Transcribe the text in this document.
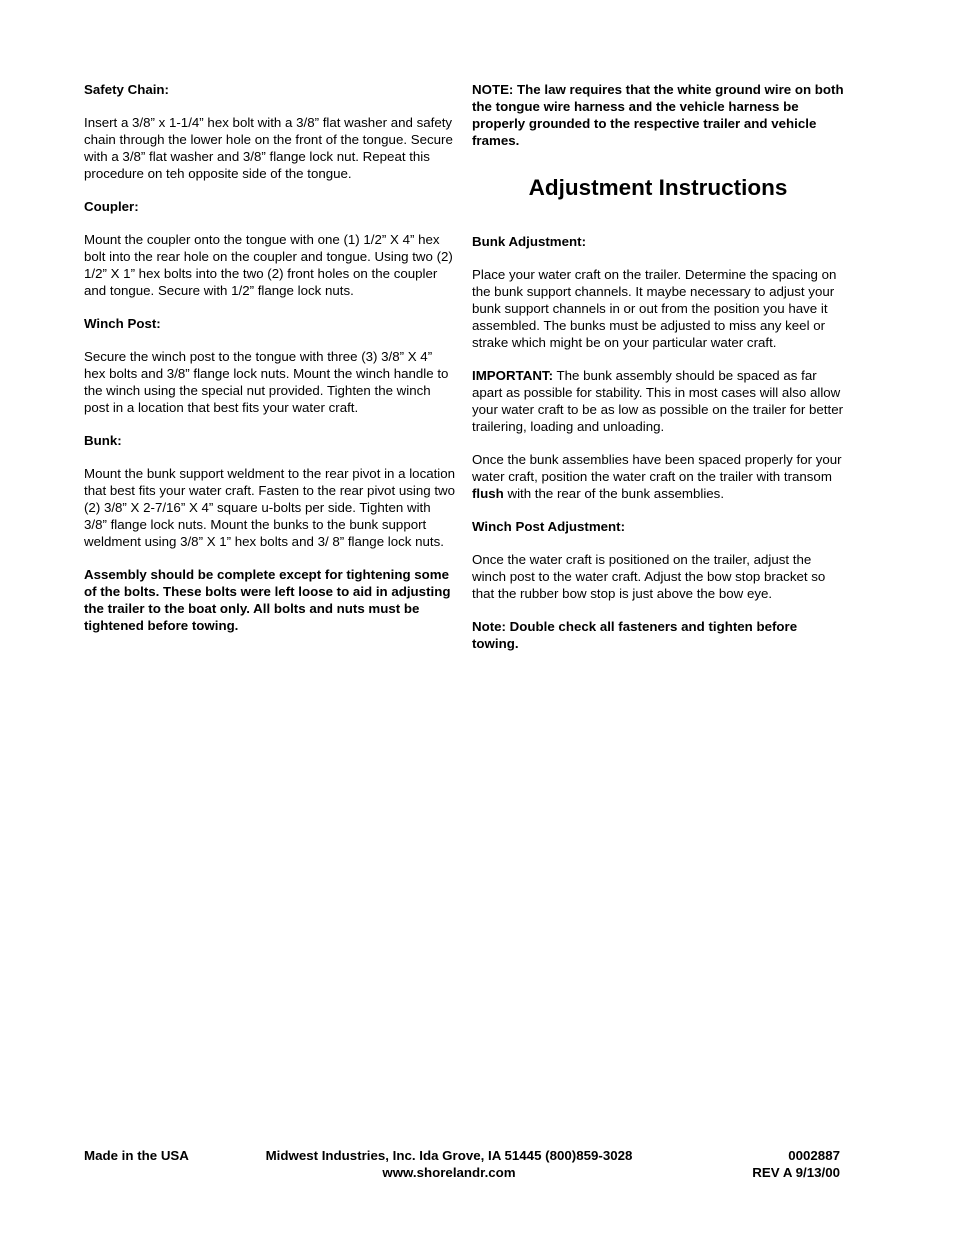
Safety Chain:

Insert a 3/8” x 1-1/4” hex bolt with a 3/8” flat washer and safety chain through the lower hole on the front of the tongue. Secure with a 3/8” flat washer and 3/8” flange lock nut. Repeat this procedure on teh opposite side of the tongue.

Coupler:

Mount the coupler onto the tongue with one (1) 1/2” X 4” hex bolt into the rear hole on the coupler and tongue. Using two (2) 1/2” X 1” hex bolts into the two (2) front holes on the coupler and tongue. Secure with 1/2” flange lock nuts.

Winch Post:

Secure the winch post to the tongue with three (3) 3/8” X 4” hex bolts and 3/8” flange lock nuts. Mount the winch handle to the winch using the special nut provided. Tighten the winch post in a location that best fits your water craft.

Bunk:

Mount the bunk support weldment to the rear pivot in a location that best fits your water craft. Fasten to the rear pivot using two (2) 3/8” X 2-7/16” X 4” square u-bolts per side. Tighten with 3/8” flange lock nuts. Mount the bunks to the bunk support weldment using 3/8” X 1” hex bolts and 3/ 8” flange lock nuts.

Assembly should be complete except for tightening some of the bolts. These bolts were left loose to aid in adjusting the trailer to the boat only. All bolts and nuts must be tightened before towing.

NOTE: The law requires that the white ground wire on both the tongue wire harness and the vehicle harness be properly grounded to the respective trailer and vehicle frames.

Adjustment Instructions
Bunk Adjustment:

Place your water craft on the trailer. Determine the spacing on the bunk support channels. It maybe necessary to adjust your bunk support channels in or out from the position you have it assembled. The bunks must be adjusted to miss any keel or strake which might be on your particular water craft.

IMPORTANT: The bunk assembly should be spaced as far apart as possible for stability. This in most cases will also allow your water craft to be as low as possible on the trailer for better trailering, loading and unloading.

Once the bunk assemblies have been spaced properly for your water craft, position the water craft on the trailer with transom flush with the rear of the bunk assemblies.

Winch Post Adjustment:

Once the water craft is positioned on the trailer, adjust the winch post to the water craft. Adjust the bow stop bracket so that the rubber bow stop is just above the bow eye.

Note: Double check all fasteners and tighten before towing.

Made in the USA	Midwest Industries, Inc. Ida Grove, IA 51445 (800)859-3028
www.shorelandr.com
0002887
REV A 9/13/00
